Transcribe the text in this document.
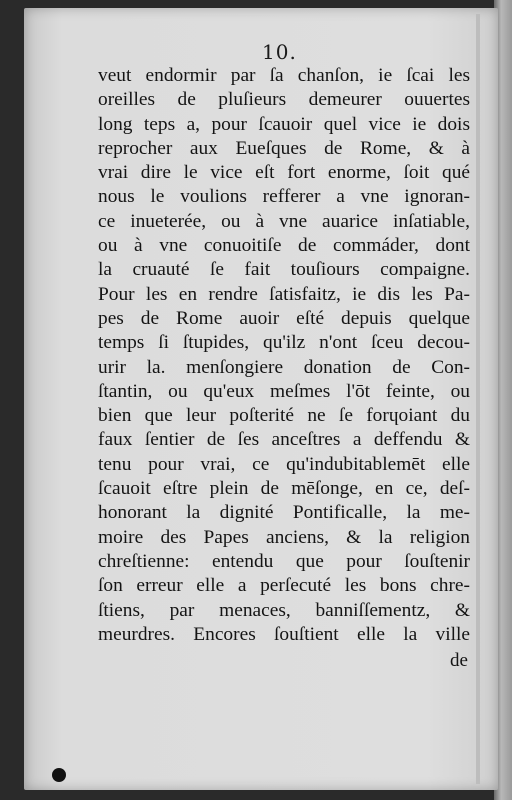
10.
veut endormir par ſa chanſon, ie ſcai les
oreilles de pluſieurs demeurer ouuertes
long teps a, pour ſcauoir quel vice ie dois
reprocher aux Eueſques de Rome, & à
vrai dire le vice eſt fort enorme, ſoit qué
nous le voulions refferer a vne ignoran-
ce inueterée, ou à vne auarice inſatiable,
ou à vne conuoitiſe de commáder, dont
la cruauté ſe fait touſiours compaigne.
Pour les en rendre ſatisfaitz, ie dis les Pa-
pes de Rome auoir eſté depuis quelque
temps ſi ſtupides, qu'ilz n'ont ſceu decou-
urir la. menſongiere donation de Con-
ſtantin, ou qu'eux meſmes l'ōt feinte, ou
bien que leur poſterité ne ſe forɥoiant du
faux ſentier de ſes anceſtres a deffendu &
tenu pour vrai, ce qu'indubitablemēt elle
ſcauoit eſtre plein de mēſonge, en ce, deſ-
honorant la dignité Pontificalle, la me-
moire des Papes anciens, & la religion
chreſtienne: entendu que pour ſouſtenir
ſon erreur elle a perſecuté les bons chre-
ſtiens, par menaces, banniſſementz, &
meurdres. Encores ſouſtient elle la ville
de
